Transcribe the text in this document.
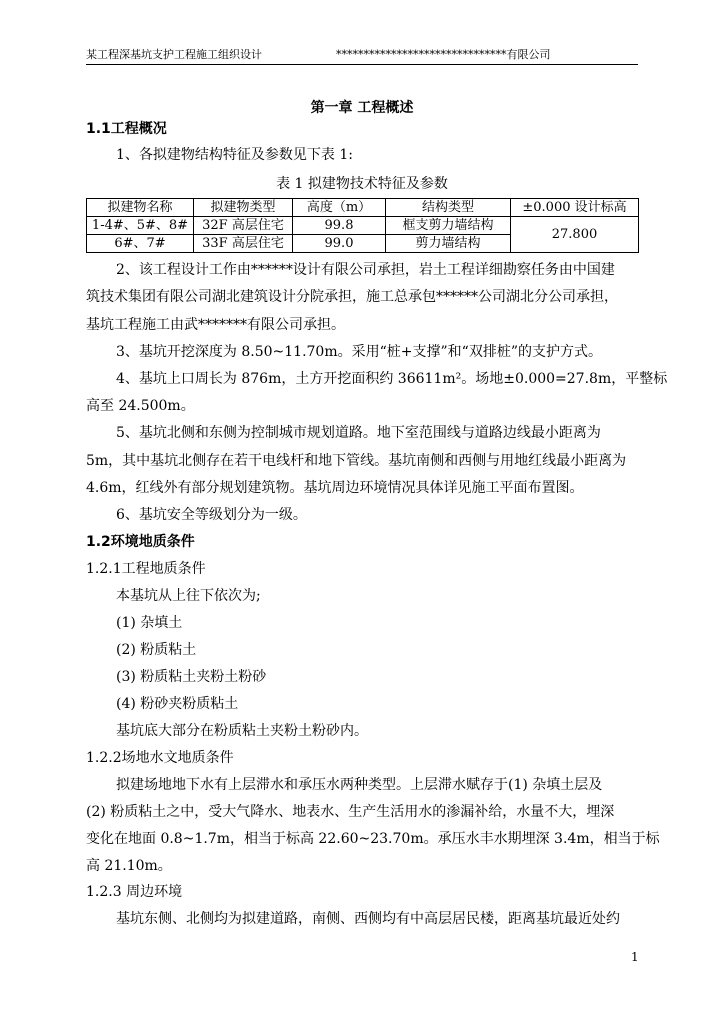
某工程深基坑支护工程施工组织设计	*******************************有限公司
第一章 工程概述
1.1工程概况
1、各拟建物结构特征及参数见下表 1:
表 1 拟建物技术特征及参数
拟建物名称	拟建物类型	高度（m）	结构类型	±0.000 设计标高
1-4#、5#、8#	32F 高层住宅	99.8	框支剪力墙结构	27.800
6#、7#	33F 高层住宅	99.0	剪力墙结构	
2、该工程设计工作由******设计有限公司承担，岩土工程详细勘察任务由中国建
筑技术集团有限公司湖北建筑设计分院承担，施工总承包******公司湖北分公司承担，
基坑工程施工由武*******有限公司承担。
3、基坑开挖深度为 8.50~11.70m。采用“桩+支撑”和“双排桩”的支护方式。
4、基坑上口周长为 876m，土方开挖面积约 36611m²。场地±0.000=27.8m，平整标
高至 24.500m。
5、基坑北侧和东侧为控制城市规划道路。地下室范围线与道路边线最小距离为
5m，其中基坑北侧存在若干电线杆和地下管线。基坑南侧和西侧与用地红线最小距离为
4.6m，红线外有部分规划建筑物。基坑周边环境情况具体详见施工平面布置图。
6、基坑安全等级划分为一级。
1.2环境地质条件
1.2.1工程地质条件
本基坑从上往下依次为;
(1) 杂填土
(2) 粉质粘土
(3) 粉质粘土夹粉土粉砂
(4) 粉砂夹粉质粘土
基坑底大部分在粉质粘土夹粉土粉砂内。
1.2.2场地水文地质条件
拟建场地地下水有上层滞水和承压水两种类型。上层滞水赋存于(1) 杂填土层及
(2) 粉质粘土之中，受大气降水、地表水、生产生活用水的渗漏补给，水量不大，埋深
变化在地面 0.8~1.7m，相当于标高 22.60~23.70m。承压水丰水期埋深 3.4m，相当于标
高 21.10m。
1.2.3 周边环境
基坑东侧、北侧均为拟建道路，南侧、西侧均有中高层居民楼，距离基坑最近处约
1
